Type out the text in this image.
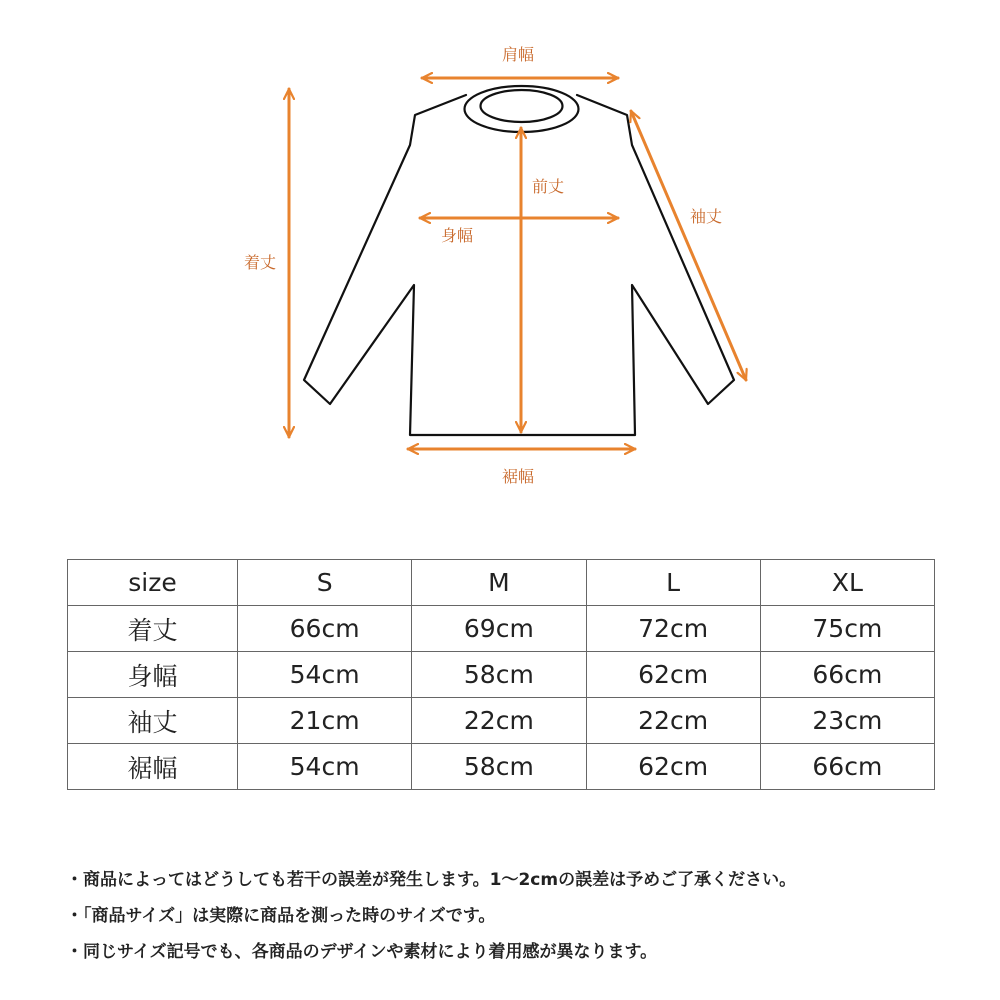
肩幅
前丈
身幅
袖丈
着丈
裾幅
size	S	M	L	XL
着丈	66cm	69cm	72cm	75cm
身幅	54cm	58cm	62cm	66cm
袖丈	21cm	22cm	22cm	23cm
裾幅	54cm	58cm	62cm	66cm
・商品によってはどうしても若干の誤差が発生します。1〜2cmの誤差は予めご了承ください。
・「商品サイズ」は実際に商品を測った時のサイズです。
・同じサイズ記号でも、各商品のデザインや素材により着用感が異なります。
